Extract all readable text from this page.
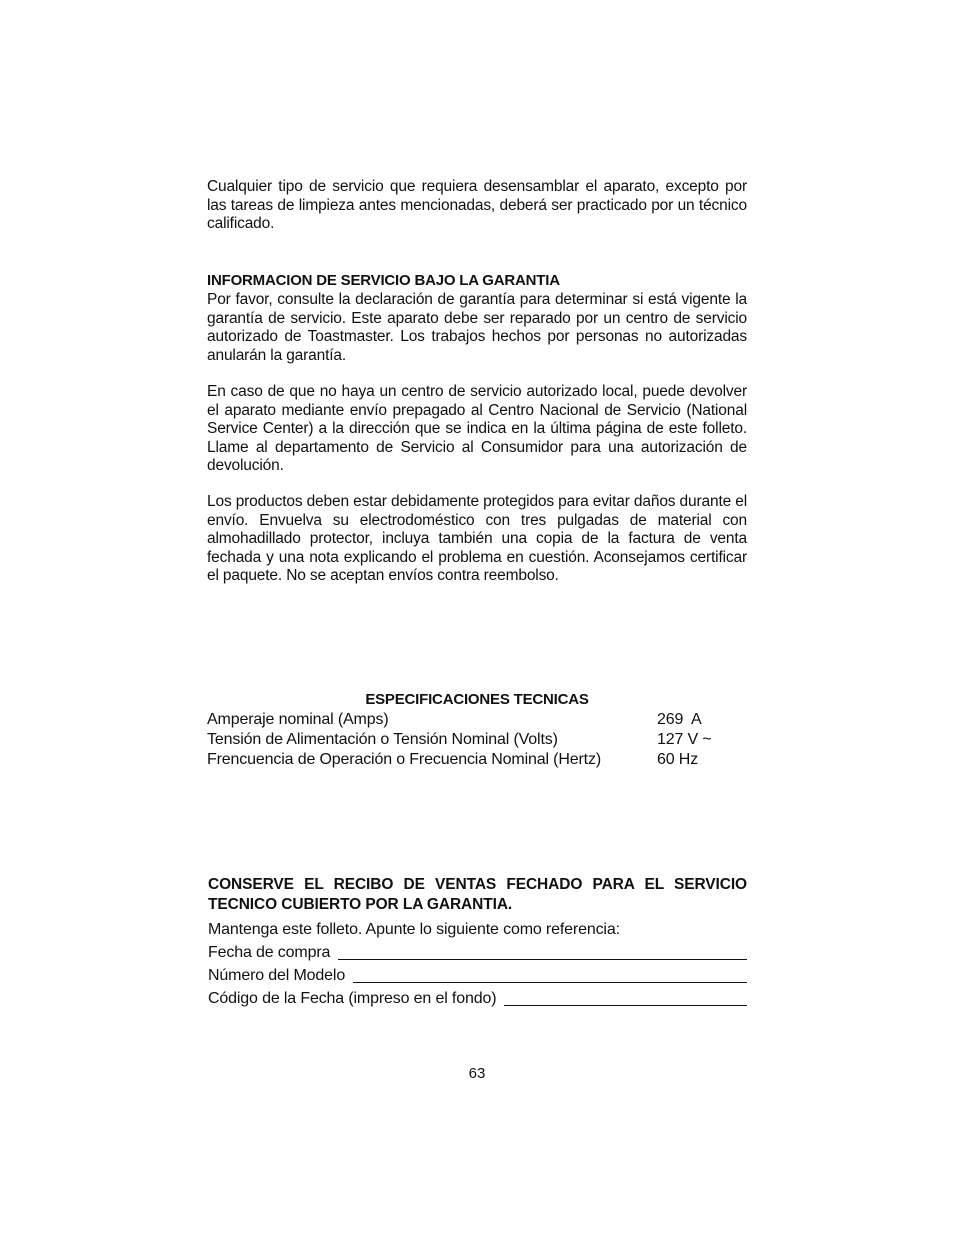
Cualquier tipo de servicio que requiera desensamblar el aparato, excepto por las tareas de limpieza antes mencionadas, deberá ser practicado por un técnico calificado.

INFORMACION DE SERVICIO BAJO LA GARANTIA

Por favor, consulte la declaración de garantía para determinar si está vigente la garantía de servicio. Este aparato debe ser reparado por un centro de servicio autorizado de Toastmaster. Los trabajos hechos por personas no autorizadas anularán la garantía.

En caso de que no haya un centro de servicio autorizado local, puede devolver el aparato mediante envío prepagado al Centro Nacional de Servicio (National Service Center) a la dirección que se indica en la última página de este folleto. Llame al departamento de Servicio al Consumidor para una autorización de devolución.

Los productos deben estar debidamente protegidos para evitar daños durante el envío. Envuelva su electrodoméstico con tres pulgadas de material con almohadillado protector, incluya también una copia de la factura de venta fechada y una nota explicando el problema en cuestión. Aconsejamos certificar el paquete. No se aceptan envíos contra reembolso.

ESPECIFICACIONES TECNICAS
Amperaje nominal (Amps)	269  A
Tensión de Alimentación o Tensión Nominal (Volts)	127 V ~
Frencuencia de Operación o Frecuencia Nominal (Hertz)	60 Hz
CONSERVE EL RECIBO DE VENTAS FECHADO PARA EL SERVICIO TECNICO CUBIERTO POR LA GARANTIA.
Mantenga este folleto. Apunte lo siguiente como referencia:
Fecha de compra
Número del Modelo
Código de la Fecha (impreso en el fondo)
63
